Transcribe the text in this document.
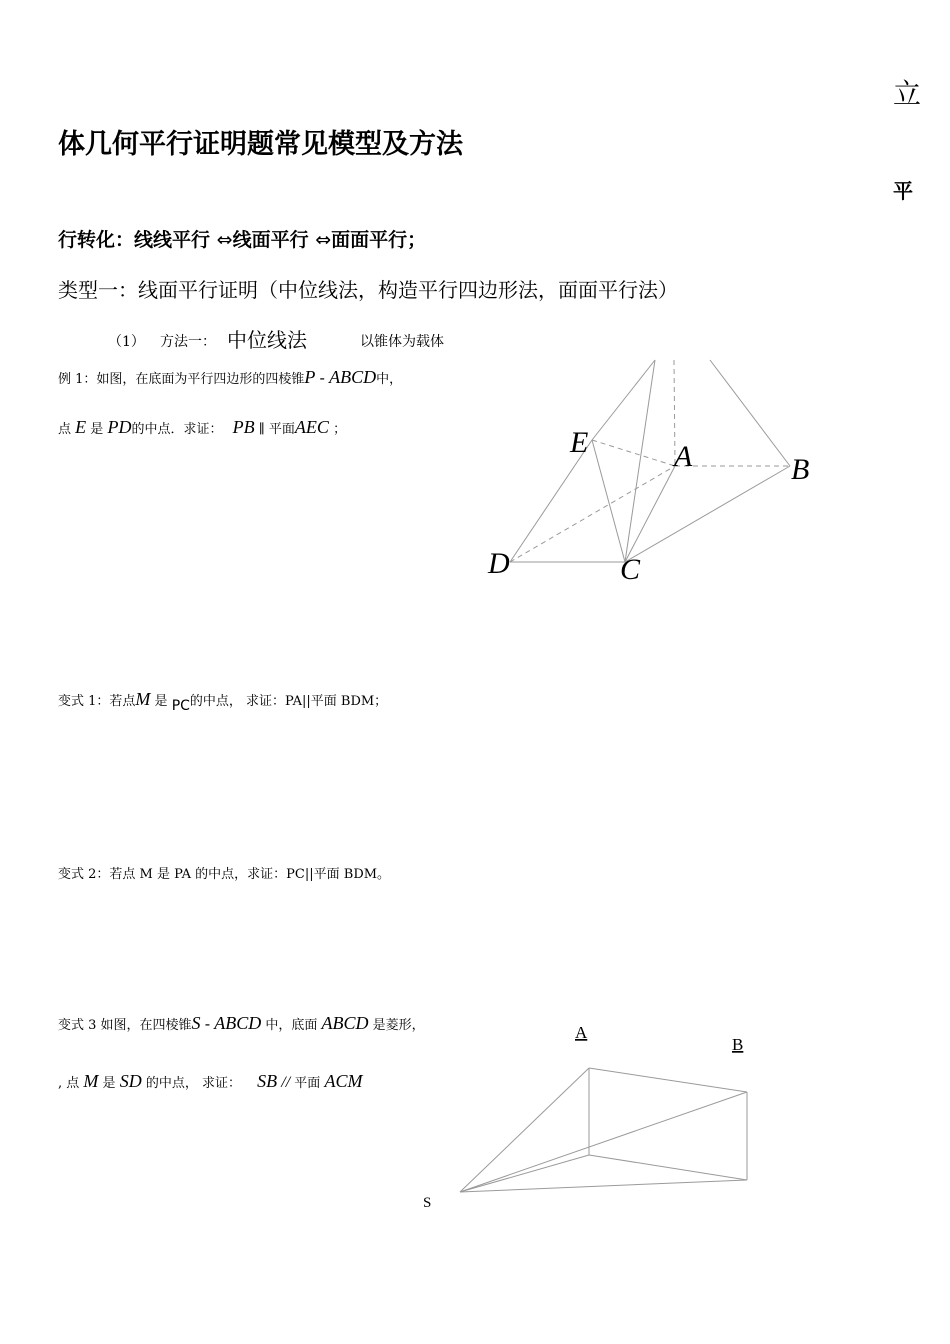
立
平
体几何平行证明题常见模型及方法
行转化：线线平行 ⇔线面平行 ⇔面面平行；
类型一：线面平行证明（中位线法，构造平行四边形法，面面平行法）
（1） 方法一： 中位线法	以锥体为载体
例 1：如图，在底面为平行四边形的四棱锥P - ABCD中，
点 E 是 PD的中点．求证： PB ∥ 平面AEC ；	E	A	B
D	C
变式 1：若点M 是 PC的中点， 求证：PA||平面 BDM；
变式 2：若点 M 是 PA 的中点，求证：PC||平面 BDM。
变式 3 如图，在四棱锥S - ABCD 中，底面 ABCD 是菱形，
, 点 M 是 SD 的中点， 求证： SB // 平面 ACM
A
B
S
